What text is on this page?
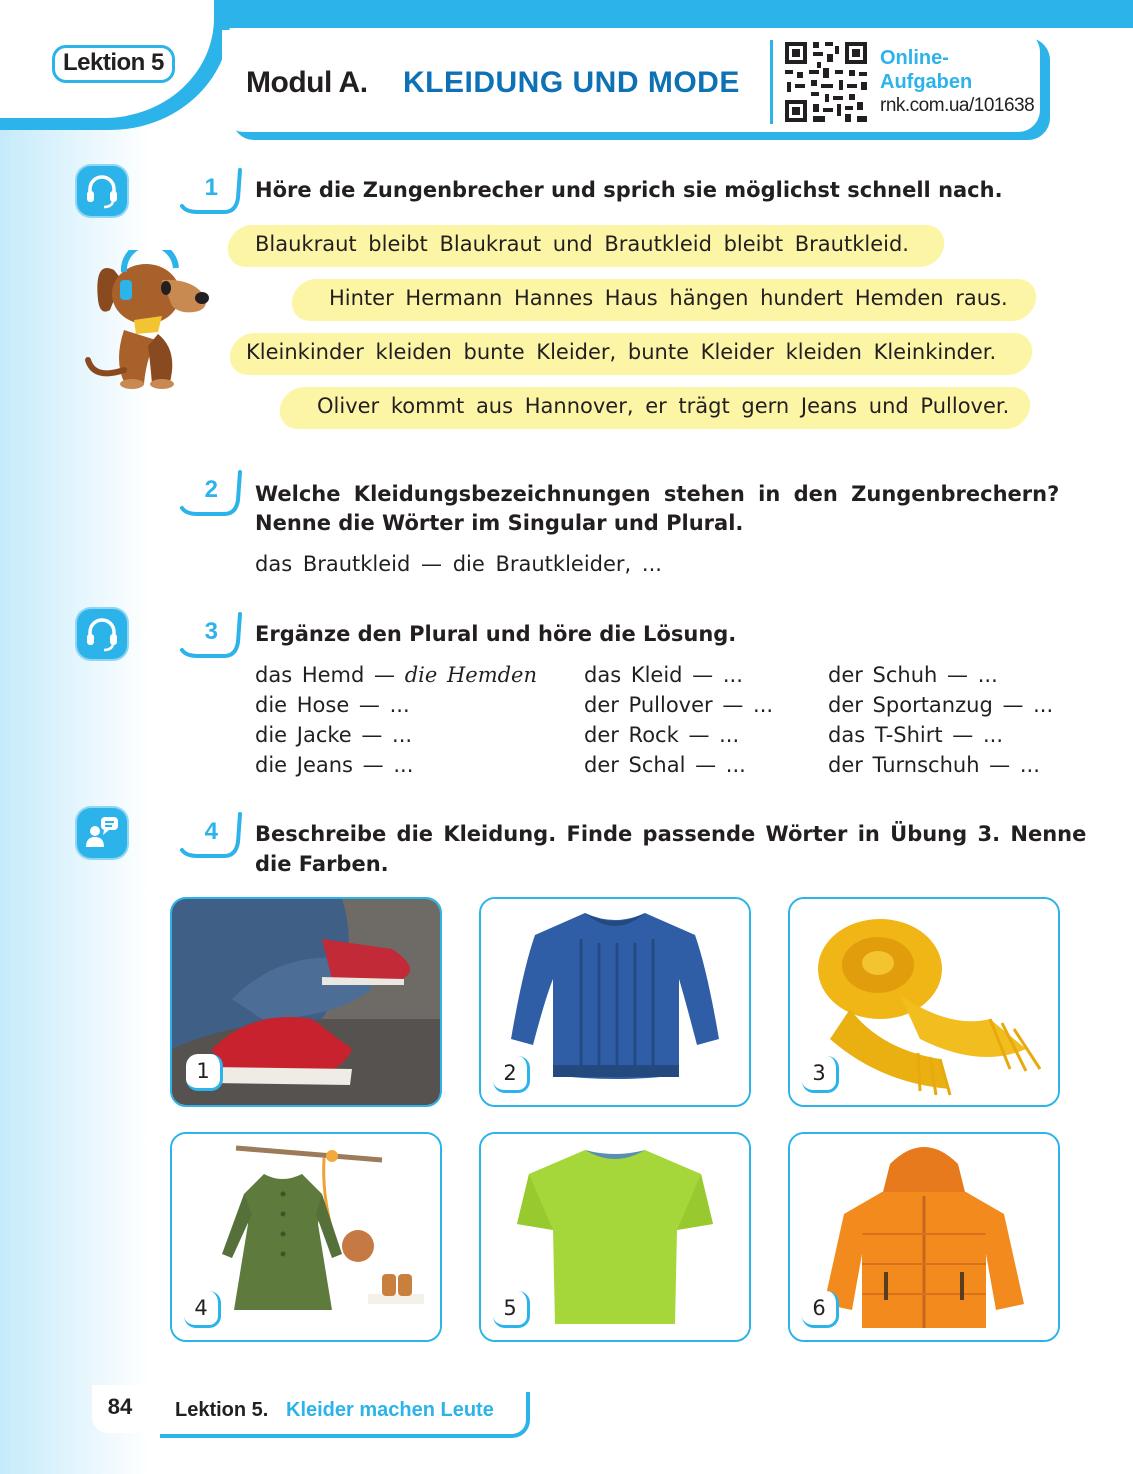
Lektion 5
Modul A. KLEIDUNG UND MODE
Online-
Aufgaben
rnk.com.ua/101638
1 Höre die Zungenbrecher und sprich sie möglichst schnell nach.
Blaukraut bleibt Blaukraut und Brautkleid bleibt Brautkleid.
Hinter Hermann Hannes Haus hängen hundert Hemden raus.
Kleinkinder kleiden bunte Kleider, bunte Kleider kleiden Kleinkinder.
Oliver kommt aus Hannover, er trägt gern Jeans und Pullover.
2 Welche Kleidungsbezeichnungen stehen in den Zungenbrechern?
Nenne die Wörter im Singular und Plural.
das Brautkleid — die Brautkleider, ...
3 Ergänze den Plural und höre die Lösung.
das Hemd — die Hemden
die Hose — ...
die Jacke — ...
die Jeans — ...
das Kleid — ...
der Pullover — ...
der Rock — ...
der Schal — ...
der Schuh — ...
der Sportanzug — ...
das T-Shirt — ...
der Turnschuh — ...
4 Beschreibe die Kleidung. Finde passende Wörter in Übung 3. Nenne
die Farben.
1	2	3
4	5	6
84	Lektion 5. Kleider machen Leute
